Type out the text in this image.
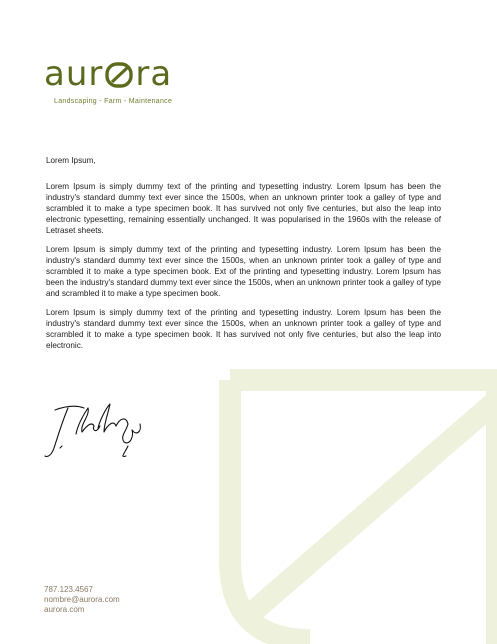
aur ra
Landscaping - Farm - Maintenance

Lorem Ipsum,

Lorem Ipsum is simply dummy text of the printing and typesetting industry. Lorem Ipsum has been the industry's standard dummy text ever since the 1500s, when an unknown printer took a galley of type and scrambled it to make a type specimen book. It has survived not only five centuries, but also the leap into electronic typesetting, remaining essentially unchanged. It was popularised in the 1960s with the release of Letraset sheets.

Lorem Ipsum is simply dummy text of the printing and typesetting industry. Lorem Ipsum has been the industry's standard dummy text ever since the 1500s, when an unknown printer took a galley of type and scrambled it to make a type specimen book. Ext of the printing and typesetting industry. Lorem Ipsum has been the industry's standard dummy text ever since the 1500s, when an unknown printer took a galley of type and scrambled it to make a type specimen book.

Lorem Ipsum is simply dummy text of the printing and typesetting industry. Lorem Ipsum has been the industry's standard dummy text ever since the 1500s, when an unknown printer took a galley of type and scrambled it to make a type specimen book. It has survived not only five centuries, but also the leap into electronic.

787.123.4567
nombre@aurora.com
aurora.com
